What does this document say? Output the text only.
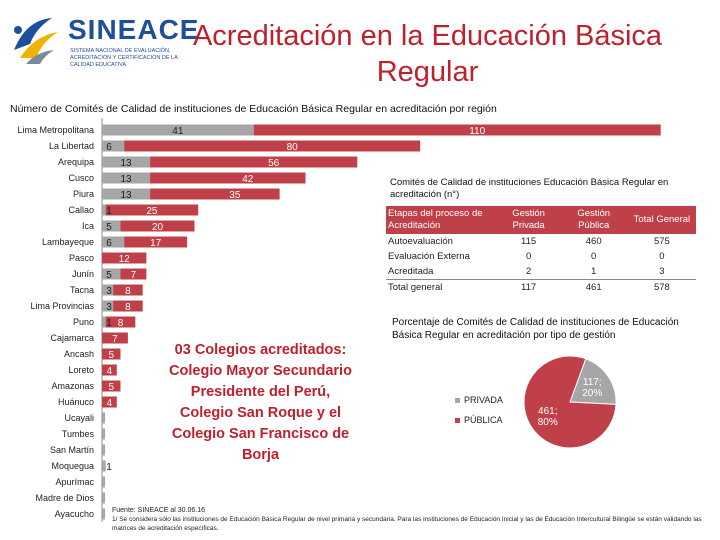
SINEACE
SISTEMA NACIONAL DE EVALUACIÓN, ACREDITACIÓN Y CERTIFICACIÓN DE LA CALIDAD EDUCATIVA
Acreditación en la Educación Básica
Regular
Número de Comités de Calidad de instituciones de Educación Básica Regular en acreditación por región
Lima Metropolitana	41	110
La Libertad 6	80
Arequipa	13	56
Cusco	13	42
Piura	13	35
Callao 1	25
Ica 5	20
Lambayeque 6	17
Pasco 12
Junín 5 7
Tacna 3 8
Lima Provincias 3 8
Puno 1 8
Cajamarca 7
Ancash 5
Loreto 4
Amazonas 5
Huánuco 4
Ucayali
Tumbes
San Martín
Moquegua 1
Apurímac
Madre de Dios
Ayacucho
03 Colegios acreditados:
Colegio Mayor Secundario
Presidente del Perú,
Colegio San Roque y el
Colegio San Francisco de
Borja
Comités de Calidad de instituciones Educación Básica Regular en acreditación (n°)
Etapas del proceso de Acreditación	Gestión Privada	Gestión Pública	Total General
Autoevaluación	115	460	575
Evaluación Externa	0	0	0
Acreditada	2	1	3
Total general	117	461	578
Porcentaje de Comités de Calidad de instituciones de Educación Básica Regular en acreditación por tipo de gestión
PRIVADA
PÚBLICA
117;
20%
461;
80%
Fuente: SINEACE al 30.06.16
1/ Se considera sólo las instituciones de Educación Básica Regular de nivel primaria y secundaria. Para las instituciones de Educación Inicial y las de Educación Intercultural Bilingüe se están validando las matrices de acreditación específicas.
